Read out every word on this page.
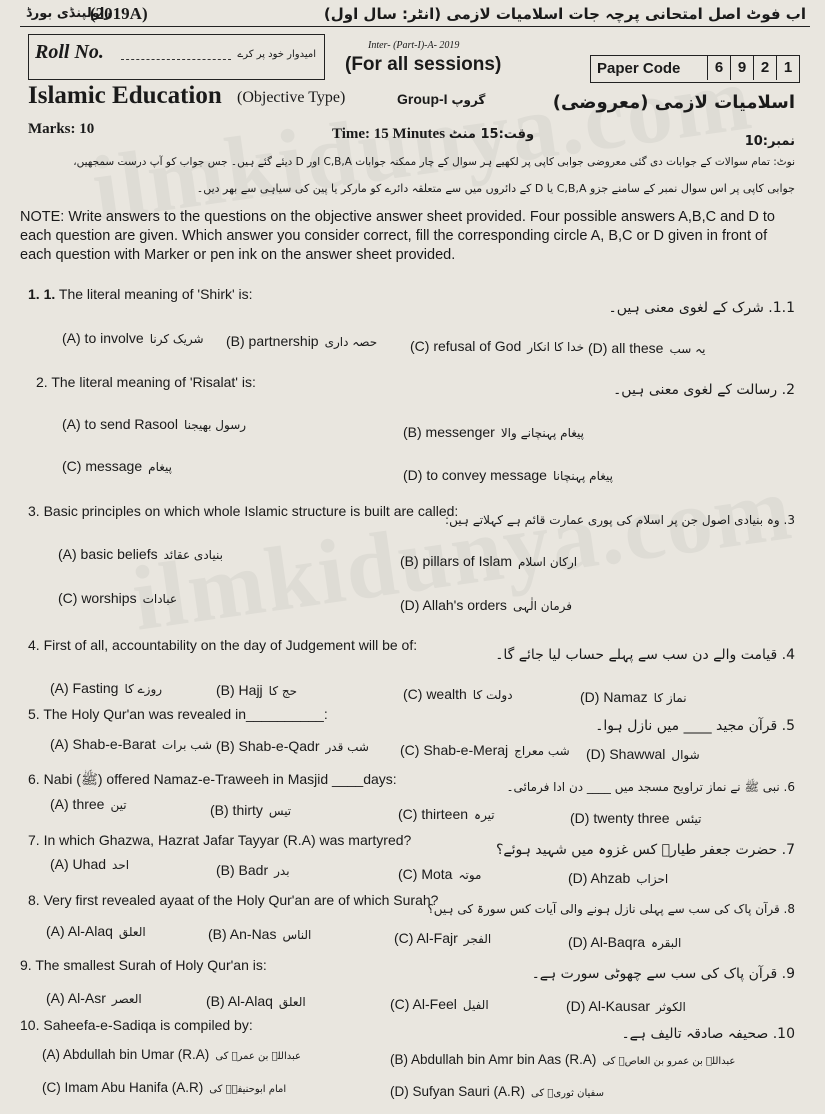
(2019A)
راولپنڈی بورڈ	اب فوٹ اصل امتحانی پرچہ جات اسلامیات لازمی (انٹر: سال اول)
Roll No.	امیدوار خود پر کرے
Inter- (Part-I)-A- 2019
(For all sessions)	Paper Code	6 9 2 1
Islamic Education (Objective Type)	Group-I گروپ	اسلامیات لازمی (معروضی)
Marks: 10	Time: 15 Minutes وقت:15 منٹ	نمبر:10
نوٹ: تمام سوالات کے جوابات دی گئی معروضی جوابی کاپی پر لکھیے ہر سوال کے چار ممکنہ جوابات C,B,A اور D دیئے گئے ہیں۔ جس جواب کو آپ درست سمجھیں،
جوابی کاپی پر اس سوال نمبر کے سامنے جزو C,B,A یا D کے دائروں میں سے متعلقہ دائرے کو مارکر یا پین کی سیاہی سے بھر دیں۔
NOTE: Write answers to the questions on the objective answer sheet provided. Four possible answers A,B,C and D to each question are given. Which answer you consider correct, fill the corresponding circle A, B,C or D given in front of each question with Marker or pen ink on the answer sheet provided.
1. 1. The literal meaning of 'Shirk' is:
1.1. شرک کے لغوی معنی ہیں۔
(A) to involve شریک کرنا (B) partnership حصہ داری (C) refusal of God خدا کا انکار (D) all these یہ سب
2. The literal meaning of 'Risalat' is:	2. رسالت کے لغوی معنی ہیں۔
(A) to send Rasool رسول بھیجنا	(B) messenger پیغام پہنچانے والا
(C) message پیغام	(D) to convey message پیغام پہنچانا
3. Basic principles on which whole Islamic structure is built are called:
3. وہ بنیادی اصول جن پر اسلام کی پوری عمارت قائم ہے کہلاتے ہیں:
(A) basic beliefs بنیادی عقائد	(B) pillars of Islam ارکان اسلام
(C) worships عبادات	(D) Allah's orders فرمان الٰہی
4. First of all, accountability on the day of Judgement will be of:
4. قیامت والے دن سب سے پہلے حساب لیا جائے گا۔
(A) Fasting روزے کا	(B) Hajj حج کا	(C) wealth دولت کا	(D) Namaz نماز کا
5. The Holy Qur'an was revealed in__________:
5. قرآن مجید ____ میں نازل ہوا۔
(A) Shab-e-Barat شب برات (B) Shab-e-Qadr شب قدر (C) Shab-e-Meraj شب معراج (D) Shawwal شوال
6. Nabi (ﷺ) offered Namaz-e-Traweeh in Masjid ____days:	6. نبی ﷺ نے نماز تراویح مسجد میں ____ دن ادا فرمائی۔
(A) three تین	(B) thirty تیس	(C) thirteen تیرہ	(D) twenty three تیئس
7. In which Ghazwa, Hazrat Jafar Tayyar (R.A) was martyred?
7. حضرت جعفر طیارؓ کس غزوہ میں شہید ہوئے؟
(A) Uhad احد	(B) Badr بدر	(C) Mota موتہ	(D) Ahzab احزاب
8. Very first revealed ayaat of the Holy Qur'an are of which Surah?
8. قرآن پاک کی سب سے پہلی نازل ہونے والی آیات کس سورۃ کی ہیں؟
(A) Al-Alaq العلق	(B) An-Nas الناس	(C) Al-Fajr الفجر	(D) Al-Baqra البقرہ
9. The smallest Surah of Holy Qur'an is:
9. قرآن پاک کی سب سے چھوٹی سورت ہے۔
(A) Al-Asr العصر	(B) Al-Alaq العلق	(C) Al-Feel الفیل	(D) Al-Kausar الکوثر
10. Saheefa-e-Sadiqa is compiled by:
10. صحیفہ صادقہ تالیف ہے۔
(A) Abdullah bin Umar (R.A) عبداللہ بن عمرؓ کی	(B) Abdullah bin Amr bin Aas (R.A) عبداللہ بن عمرو بن العاصؓ کی
(C) Imam Abu Hanifa (A.R) امام ابوحنیفہؒ کی	(D) Sufyan Sauri (A.R) سفیان ثوریؒ کی
